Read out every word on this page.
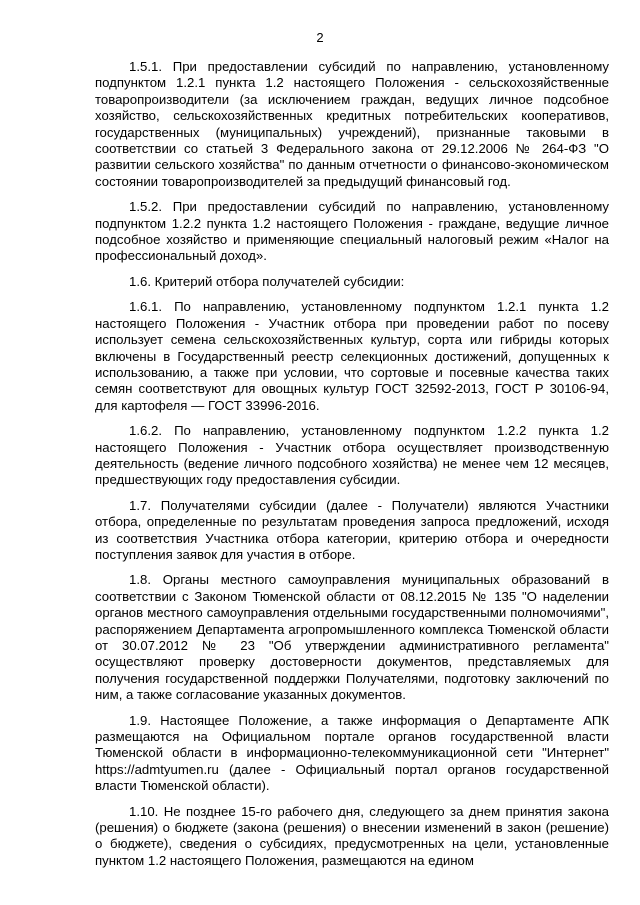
2

1.5.1. При предоставлении субсидий по направлению, установленному подпунктом 1.2.1 пункта 1.2 настоящего Положения - сельскохозяйственные товаропроизводители (за исключением граждан, ведущих личное подсобное хозяйство, сельскохозяйственных кредитных потребительских кооперативов, государственных (муниципальных) учреждений), признанные таковыми в соответствии со статьей 3 Федерального закона от 29.12.2006 № 264-ФЗ "О развитии сельского хозяйства" по данным отчетности о финансово-экономическом состоянии товаропроизводителей за предыдущий финансовый год.

1.5.2. При предоставлении субсидий по направлению, установленному подпунктом 1.2.2 пункта 1.2 настоящего Положения - граждане, ведущие личное подсобное хозяйство и применяющие специальный налоговый режим «Налог на профессиональный доход».

1.6. Критерий отбора получателей субсидии:

1.6.1. По направлению, установленному подпунктом 1.2.1 пункта 1.2 настоящего Положения - Участник отбора при проведении работ по посеву использует семена сельскохозяйственных культур, сорта или гибриды которых включены в Государственный реестр селекционных достижений, допущенных к использованию, а также при условии, что сортовые и посевные качества таких семян соответствуют для овощных культур ГОСТ 32592-2013, ГОСТ Р 30106-94, для картофеля — ГОСТ 33996-2016.

1.6.2. По направлению, установленному подпунктом 1.2.2 пункта 1.2 настоящего Положения - Участник отбора осуществляет производственную деятельность (ведение личного подсобного хозяйства) не менее чем 12 месяцев, предшествующих году предоставления субсидии.

1.7. Получателями субсидии (далее - Получатели) являются Участники отбора, определенные по результатам проведения запроса предложений, исходя из соответствия Участника отбора категории, критерию отбора и очередности поступления заявок для участия в отборе.

1.8. Органы местного самоуправления муниципальных образований в соответствии с Законом Тюменской области от 08.12.2015 № 135 "О наделении органов местного самоуправления отдельными государственными полномочиями", распоряжением Департамента агропромышленного комплекса Тюменской области от 30.07.2012 № 23 "Об утверждении административного регламента" осуществляют проверку достоверности документов, представляемых для получения государственной поддержки Получателями, подготовку заключений по ним, а также согласование указанных документов.

1.9. Настоящее Положение, а также информация о Департаменте АПК размещаются на Официальном портале органов государственной власти Тюменской области в информационно-телекоммуникационной сети "Интернет" https://admtyumen.ru (далее - Официальный портал органов государственной власти Тюменской области).

1.10. Не позднее 15-го рабочего дня, следующего за днем принятия закона (решения) о бюджете (закона (решения) о внесении изменений в закон (решение) о бюджете), сведения о субсидиях, предусмотренных на цели, установленные пунктом 1.2 настоящего Положения, размещаются на едином
